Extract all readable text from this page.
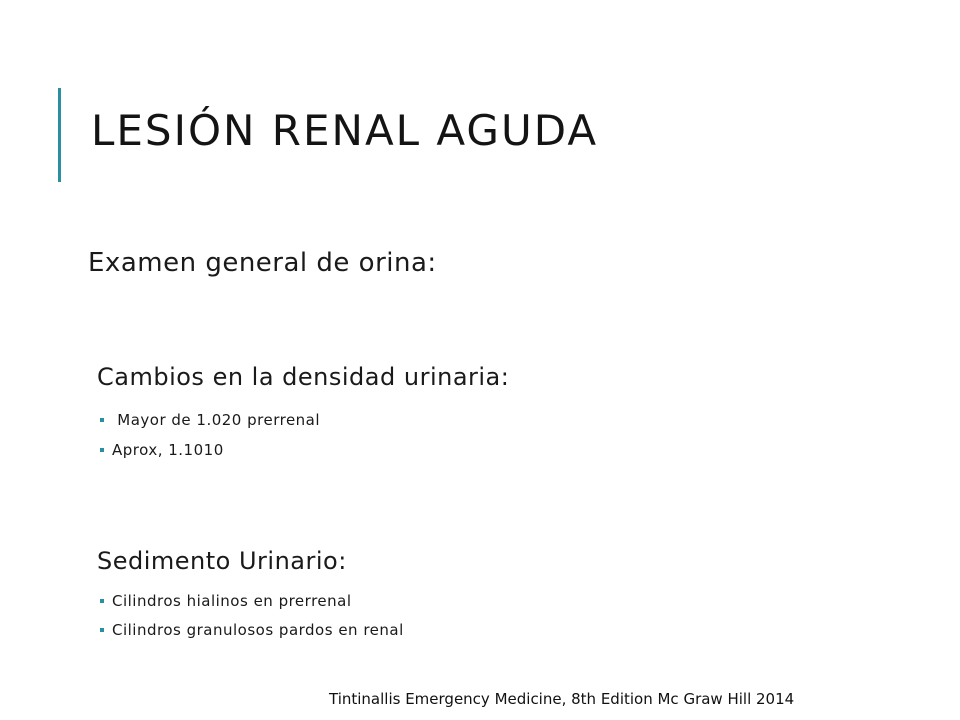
LESIÓN RENAL AGUDA
Examen general de orina:
Cambios en la densidad urinaria:
Mayor de 1.020 prerrenal
Aprox, 1.1010
Sedimento Urinario:
Cilindros hialinos en prerrenal
Cilindros granulosos pardos en renal
Tintinallis Emergency Medicine, 8th Edition Mc Graw Hill 2014
